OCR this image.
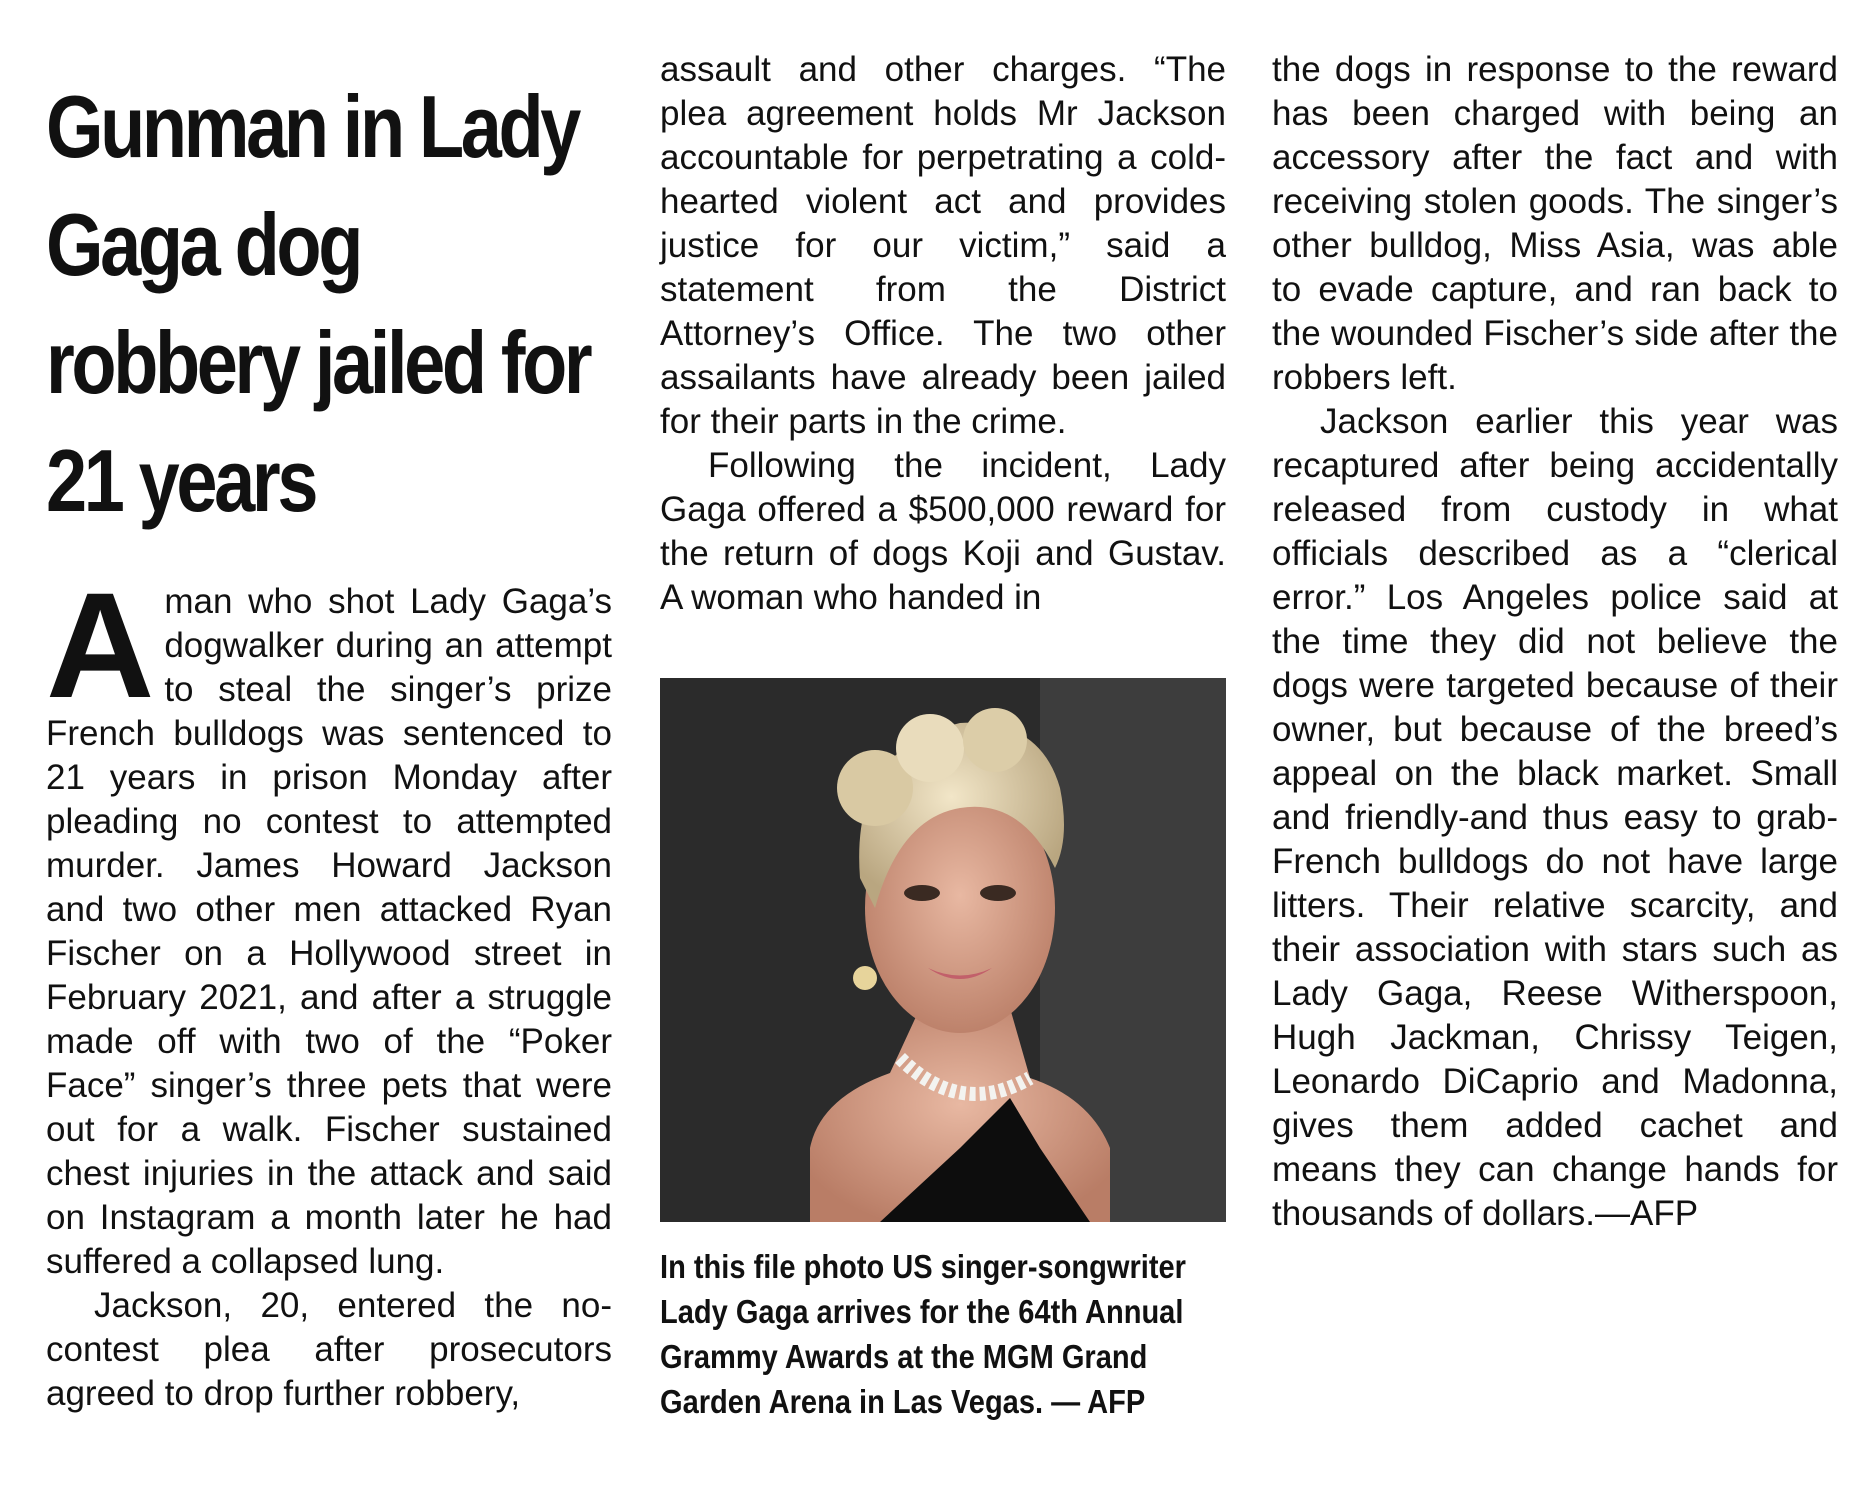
Gunman in Lady Gaga dog robbery jailed for 21 years

Aman who shot Lady Gaga’s dogwalker during an attempt to steal the singer’s prize French bulldogs was sentenced to 21 years in prison Monday after pleading no contest to attempted murder. James Howard Jackson and two other men attacked Ryan Fischer on a Hollywood street in February 2021, and after a struggle made off with two of the “Poker Face” singer’s three pets that were out for a walk. Fischer sustained chest injuries in the attack and said on Instagram a month later he had suffered a collapsed lung.

Jackson, 20, entered the no-contest plea after prosecutors agreed to drop further robbery,

assault and other charges. “The plea agreement holds Mr Jackson accountable for perpetrating a cold-hearted violent act and provides justice for our victim,” said a statement from the District Attorney’s Office. The two other assailants have already been jailed for their parts in the crime.

Following the incident, Lady Gaga offered a $500,000 reward for the return of dogs Koji and Gustav. A woman who handed in

In this file photo US singer-songwriter Lady Gaga arrives for the 64th Annual Grammy Awards at the MGM Grand Garden Arena in Las Vegas. — AFP

the dogs in response to the reward has been charged with being an accessory after the fact and with receiving stolen goods. The singer’s other bulldog, Miss Asia, was able to evade capture, and ran back to the wounded Fischer’s side after the robbers left.

Jackson earlier this year was recaptured after being accidentally released from custody in what officials described as a “clerical error.” Los Angeles police said at the time they did not believe the dogs were targeted because of their owner, but because of the breed’s appeal on the black market. Small and friendly-and thus easy to grab-French bulldogs do not have large litters. Their relative scarcity, and their association with stars such as Lady Gaga, Reese Witherspoon, Hugh Jackman, Chrissy Teigen, Leonardo DiCaprio and Madonna, gives them added cachet and means they can change hands for thousands of dollars.—AFP
